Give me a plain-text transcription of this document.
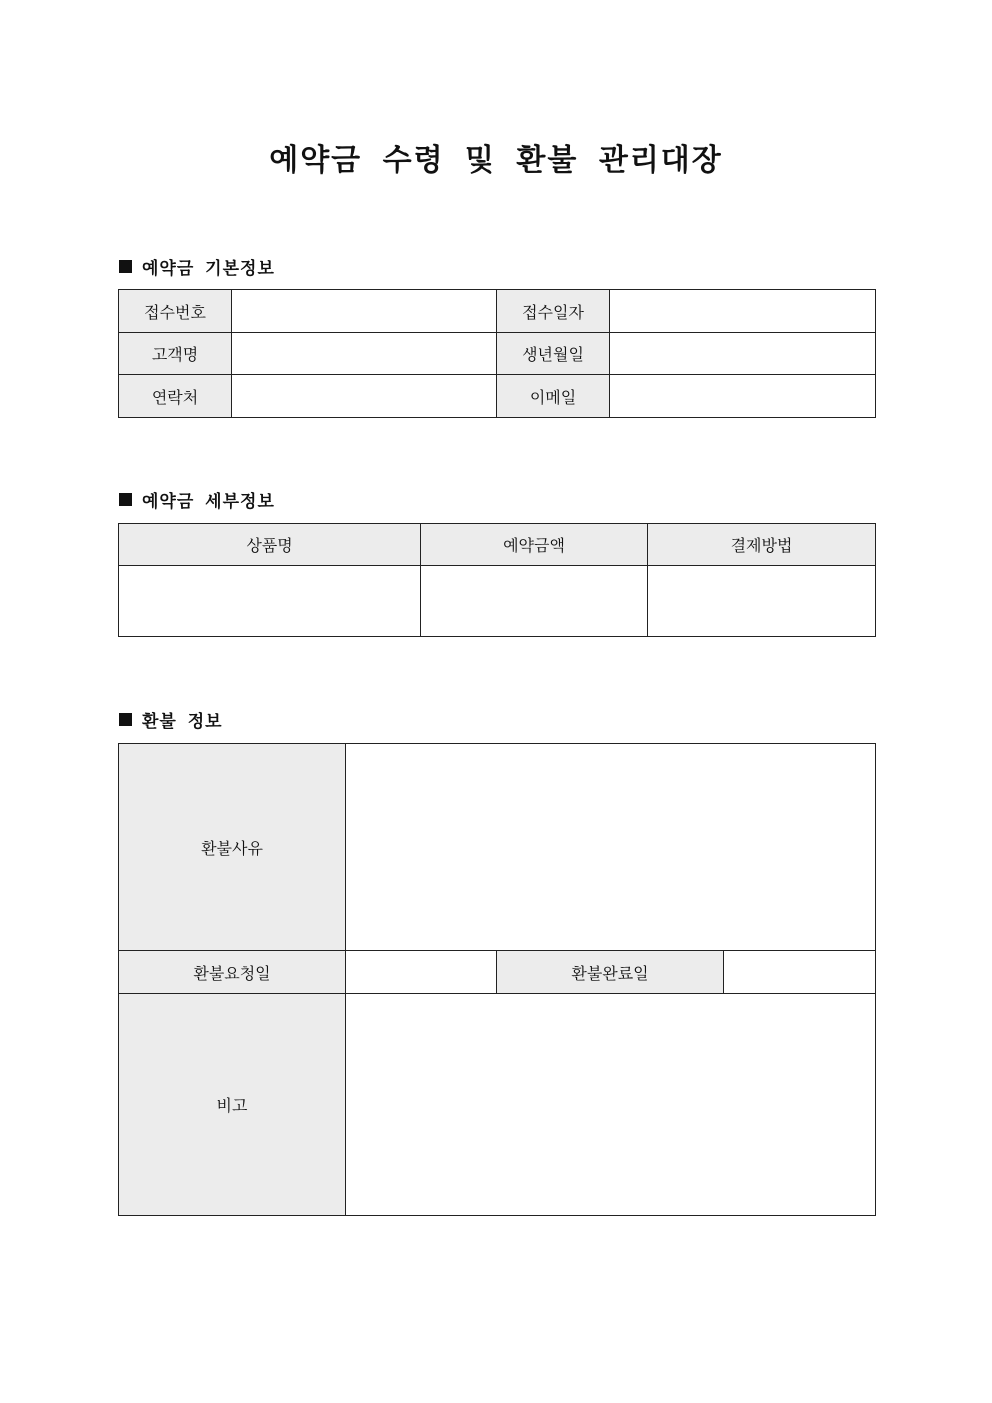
예약금 수령 및 환불 관리대장
예약금 기본정보
접수번호		접수일자	
고객명		생년월일	
연락처		이메일	
예약금 세부정보
상품명	예약금액	결제방법

환불 정보
환불사유			
환불요청일		환불완료일	
비고			
